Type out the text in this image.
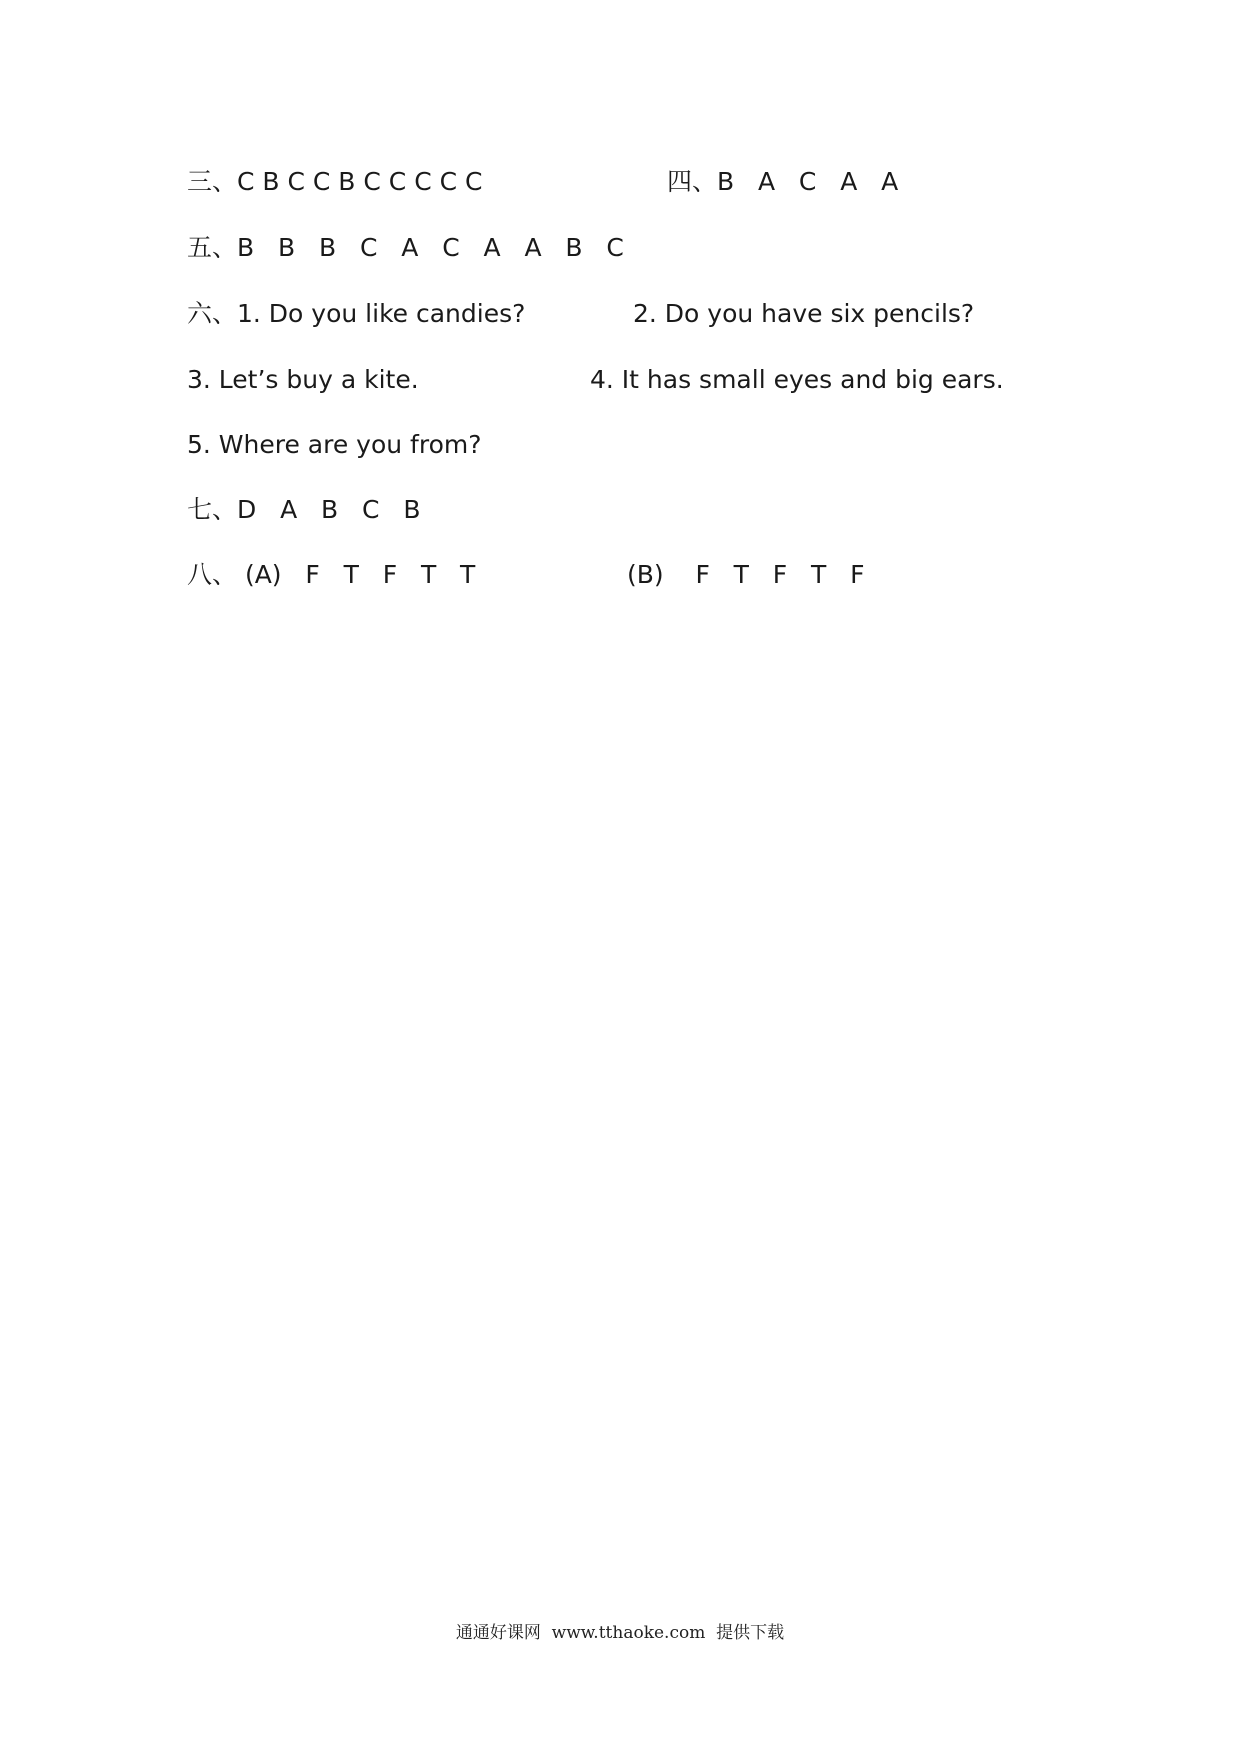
三、C B C C B C C C C C	四、B   A   C   A   A
五、B   B   B   C   A   C   A   A   B   C
六、1. Do you like candies?	2. Do you have six pencils?
3. Let’s buy a kite.	4. It has small eyes and big ears.
5. Where are you from?
七、D   A   B   C   B
八、 (A)   F   T   F   T   T	(B)    F   T   F   T   F
通通好课网  www.tthaoke.com  提供下载
